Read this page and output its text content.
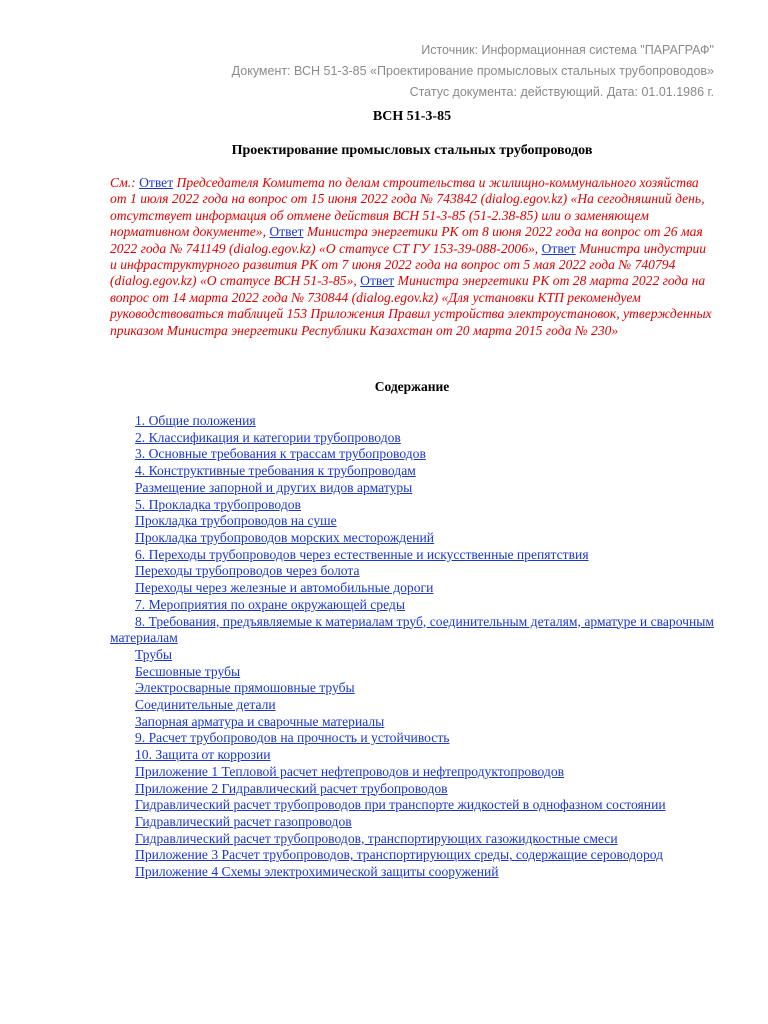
Источник: Информационная система "ПАРАГРАФ"
Документ: ВСН 51-3-85 «Проектирование промысловых стальных трубопроводов»
Статус документа: действующий. Дата: 01.01.1986 г.
ВСН 51-3-85
Проектирование промысловых стальных трубопроводов
См.: Ответ Председателя Комитета по делам строительства и жилищно-коммунального хозяйства от 1 июля 2022 года на вопрос от 15 июня 2022 года № 743842 (dialog.egov.kz) «На сегодняшний день, отсутствует информация об отмене действия ВСН 51-3-85 (51-2.38-85) или о заменяющем нормативном документе», Ответ Министра энергетики РК от 8 июня 2022 года на вопрос от 26 мая 2022 года № 741149 (dialog.egov.kz) «О статусе СТ ГУ 153-39-088-2006», Ответ Министра индустрии и инфраструктурного развития РК от 7 июня 2022 года на вопрос от 5 мая 2022 года № 740794 (dialog.egov.kz) «О статусе ВСН 51-3-85», Ответ Министра энергетики РК от 28 марта 2022 года на вопрос от 14 марта 2022 года № 730844 (dialog.egov.kz) «Для установки КТП рекомендуем руководствоваться таблицей 153 Приложения Правил устройства электроустановок, утвержденных приказом Министра энергетики Республики Казахстан от 20 марта 2015 года № 230»
Содержание
1. Общие положения
2. Классификация и категории трубопроводов
3. Основные требования к трассам трубопроводов
4. Конструктивные требования к трубопроводам
Размещение запорной и других видов арматуры
5. Прокладка трубопроводов
Прокладка трубопроводов на суше
Прокладка трубопроводов морских месторождений
6. Переходы трубопроводов через естественные и искусственные препятствия
Переходы трубопроводов через болота
Переходы через железные и автомобильные дороги
7. Мероприятия по охране окружающей среды
8. Требования, предъявляемые к материалам труб, соединительным деталям, арматуре и сварочным материалам
Трубы
Бесшовные трубы
Электросварные прямошовные трубы
Соединительные детали
Запорная арматура и сварочные материалы
9. Расчет трубопроводов на прочность и устойчивость
10. Защита от коррозии
Приложение 1 Тепловой расчет нефтепроводов и нефтепродуктопроводов
Приложение 2 Гидравлический расчет трубопроводов
Гидравлический расчет трубопроводов при транспорте жидкостей в однофазном состоянии
Гидравлический расчет газопроводов
Гидравлический расчет трубопроводов, транспортирующих газожидкостные смеси
Приложение 3 Расчет трубопроводов, транспортирующих среды, содержащие сероводород
Приложение 4 Схемы электрохимической защиты сооружений
